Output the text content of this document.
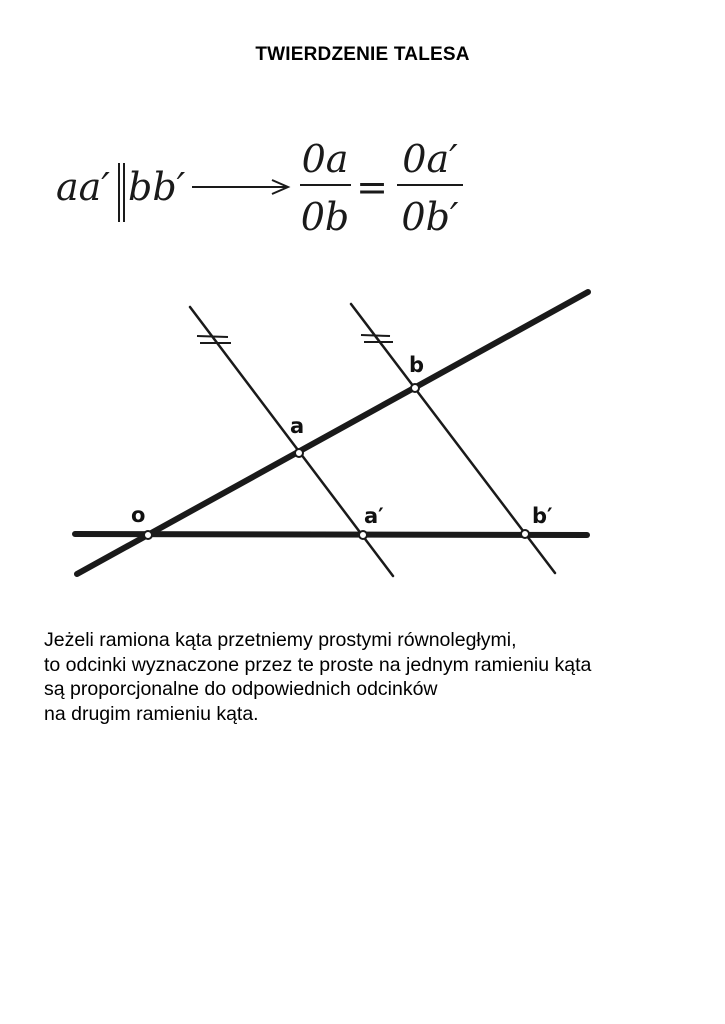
TWIERDZENIE TALESA
aa′ bb′
0a
0b
=
0a′
0b′
o
a
b
a′	b′
Jeżeli ramiona kąta przetniemy prostymi równoległymi,
to odcinki wyznaczone przez te proste na jednym ramieniu kąta
są proporcjonalne do odpowiednich odcinków
na drugim ramieniu kąta.
